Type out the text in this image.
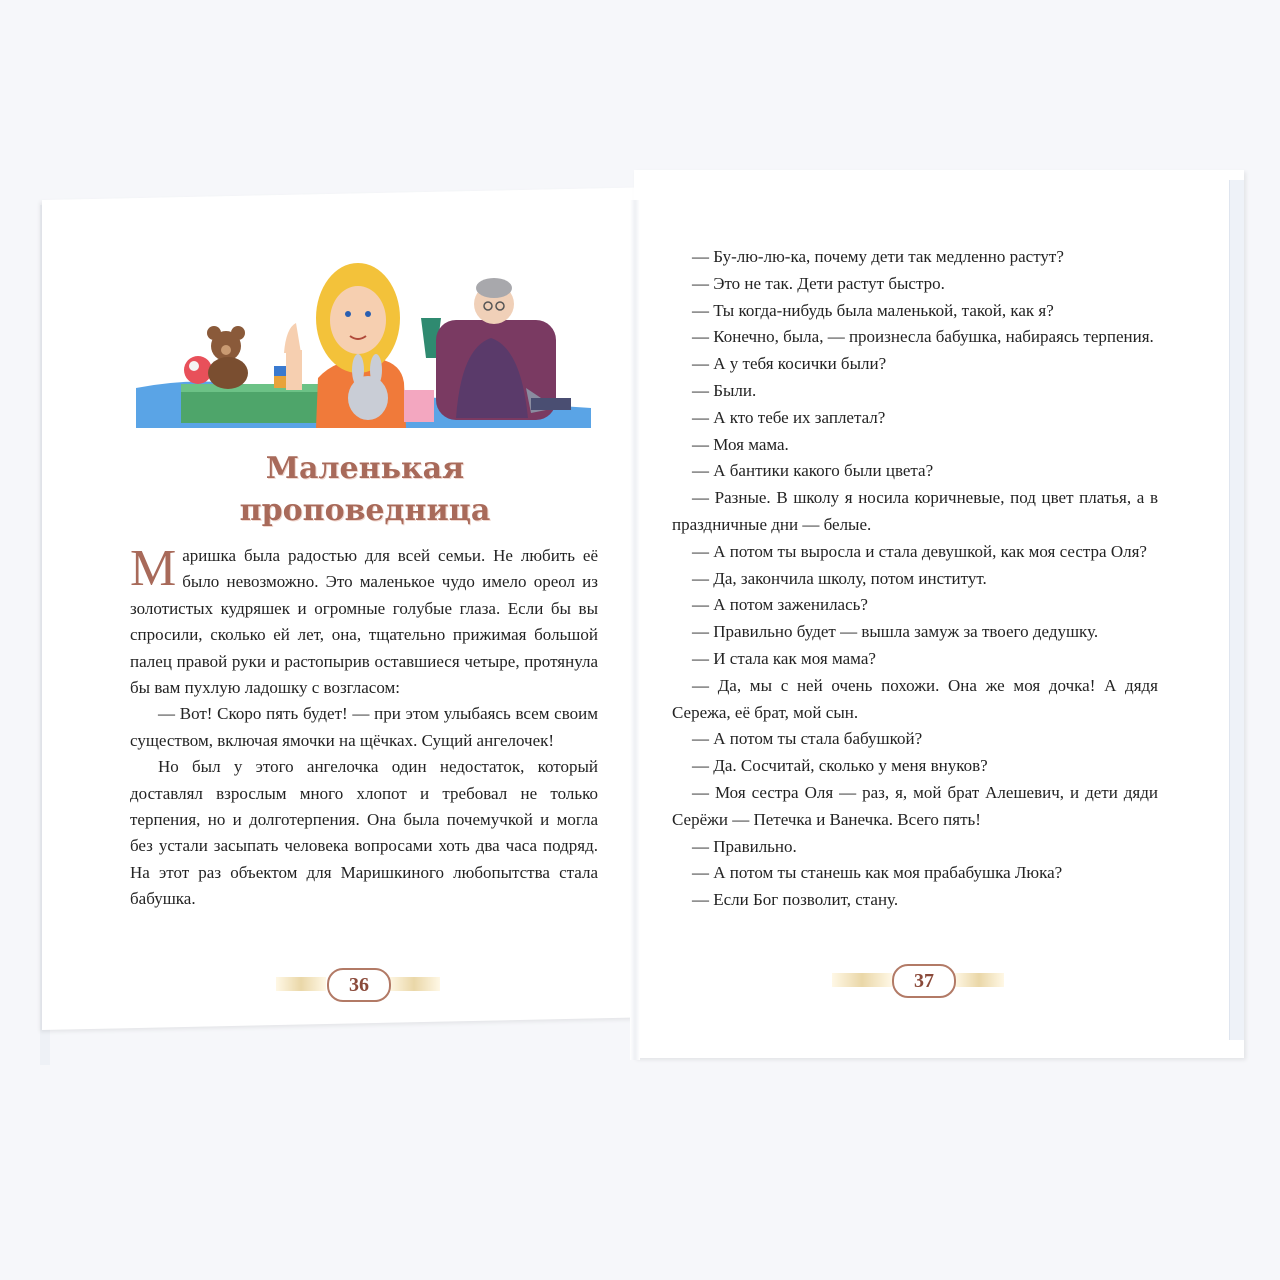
Маленькая
проповедница

Маришка была радостью для всей семьи. Не любить её было невозможно. Это маленькое чудо имело ореол из золотистых кудряшек и огромные голубые глаза. Если бы вы спросили, сколько ей лет, она, тщательно прижимая большой палец правой руки и растопырив оставшиеся четыре, протянула бы вам пухлую ладошку с возгласом:

— Вот! Скоро пять будет! — при этом улыбаясь всем своим существом, включая ямочки на щёчках. Сущий ангелочек!

Но был у этого ангелочка один недостаток, который доставлял взрослым много хлопот и требовал не только терпения, но и долготерпения. Она была почемучкой и могла без устали засыпать человека вопросами хоть два часа подряд. На этот раз объектом для Маришкиного любопытства стала бабушка.

36

— Бу-лю-лю-ка, почему дети так медленно растут?

— Это не так. Дети растут быстро.

— Ты когда-нибудь была маленькой, такой, как я?

— Конечно, была, — произнесла бабушка, набираясь терпения.

— А у тебя косички были?

— Были.

— А кто тебе их заплетал?

— Моя мама.

— А бантики какого были цвета?

— Разные. В школу я носила коричневые, под цвет платья, а в праздничные дни — белые.

— А потом ты выросла и стала девушкой, как моя сестра Оля?

— Да, закончила школу, потом институт.

— А потом заженилась?

— Правильно будет — вышла замуж за твоего дедушку.

— И стала как моя мама?

— Да, мы с ней очень похожи. Она же моя дочка! А дядя Сережа, её брат, мой сын.

— А потом ты стала бабушкой?

— Да. Сосчитай, сколько у меня внуков?

— Моя сестра Оля — раз, я, мой брат Алешевич, и дети дяди Серёжи — Петечка и Ванечка. Всего пять!

— Правильно.

— А потом ты станешь как моя прабабушка Люка?

— Если Бог позволит, стану.

37
